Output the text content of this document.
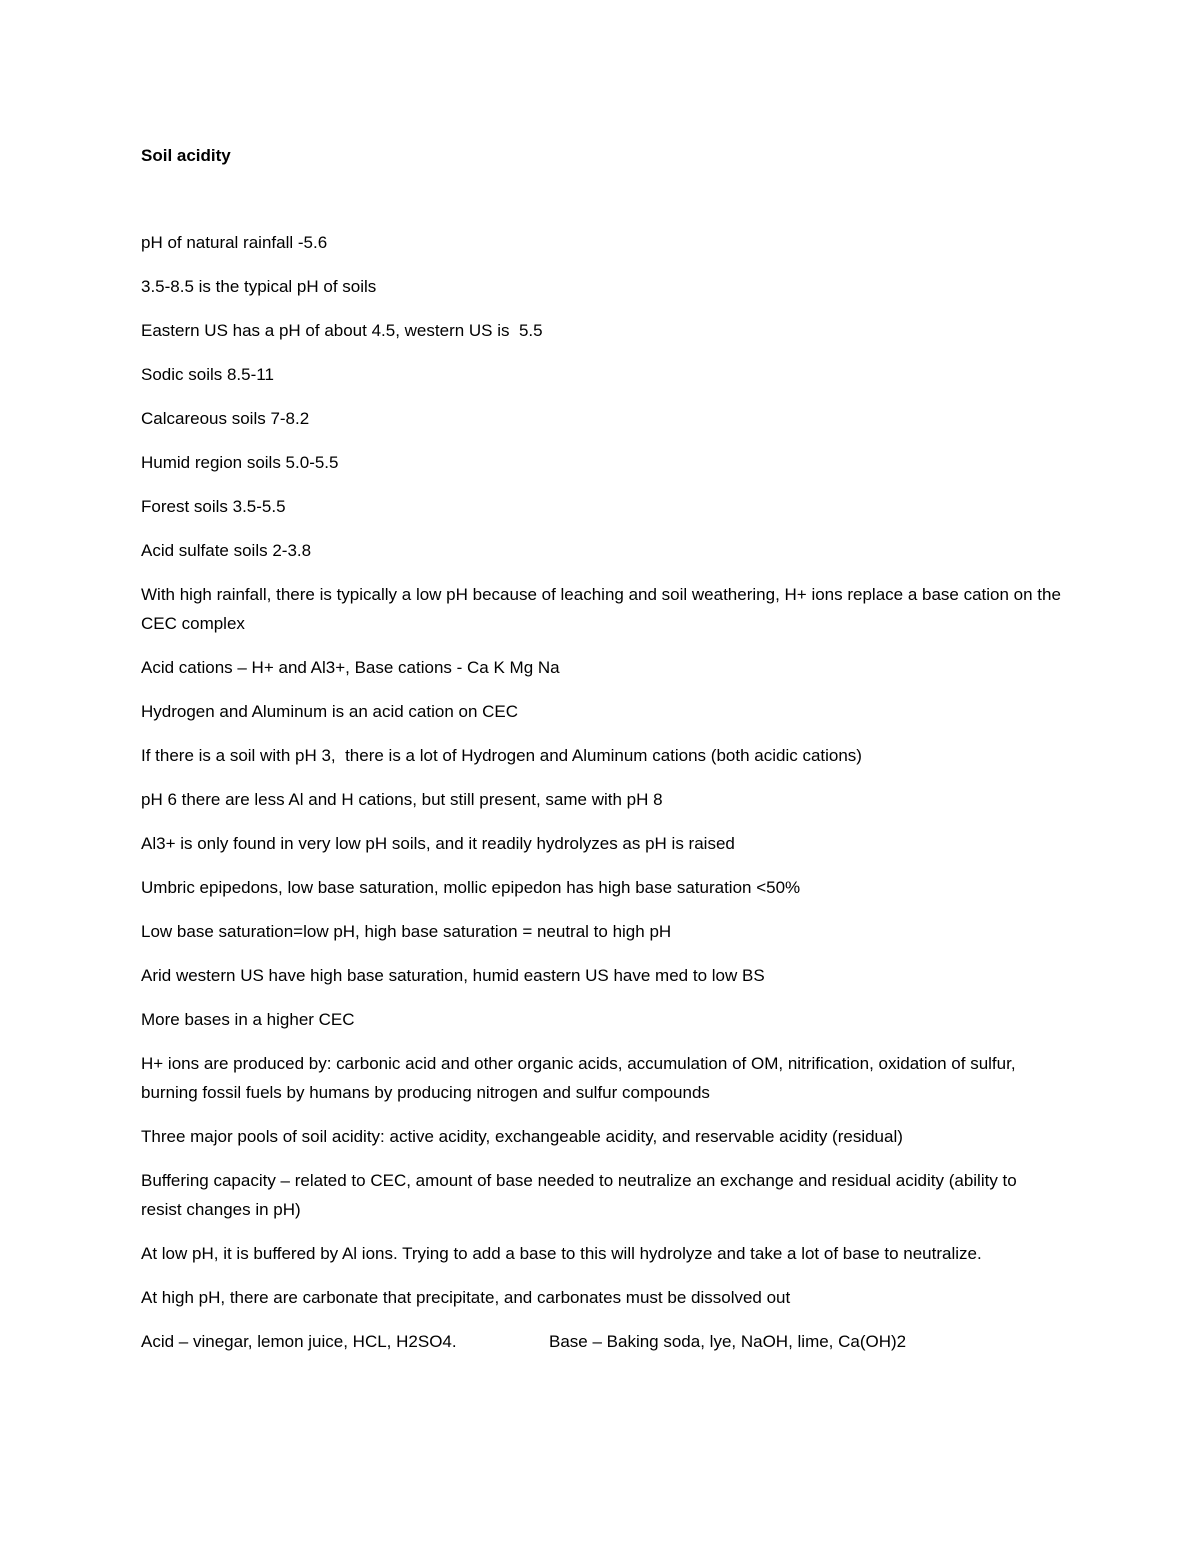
Soil acidity
pH of natural rainfall -5.6
3.5-8.5 is the typical pH of soils
Eastern US has a pH of about 4.5, western US is  5.5
Sodic soils 8.5-11
Calcareous soils 7-8.2
Humid region soils 5.0-5.5
Forest soils 3.5-5.5
Acid sulfate soils 2-3.8
With high rainfall, there is typically a low pH because of leaching and soil weathering, H+ ions replace a base cation on the CEC complex
Acid cations – H+ and Al3+, Base cations - Ca K Mg Na
Hydrogen and Aluminum is an acid cation on CEC
If there is a soil with pH 3,  there is a lot of Hydrogen and Aluminum cations (both acidic cations)
pH 6 there are less Al and H cations, but still present, same with pH 8
Al3+ is only found in very low pH soils, and it readily hydrolyzes as pH is raised
Umbric epipedons, low base saturation, mollic epipedon has high base saturation <50%
Low base saturation=low pH, high base saturation = neutral to high pH
Arid western US have high base saturation, humid eastern US have med to low BS
More bases in a higher CEC
H+ ions are produced by: carbonic acid and other organic acids, accumulation of OM, nitrification, oxidation of sulfur, burning fossil fuels by humans by producing nitrogen and sulfur compounds
Three major pools of soil acidity: active acidity, exchangeable acidity, and reservable acidity (residual)
Buffering capacity – related to CEC, amount of base needed to neutralize an exchange and residual acidity (ability to resist changes in pH)
At low pH, it is buffered by Al ions. Trying to add a base to this will hydrolyze and take a lot of base to neutralize.
At high pH, there are carbonate that precipitate, and carbonates must be dissolved out
Acid – vinegar, lemon juice, HCL, H2SO4.	Base – Baking soda, lye, NaOH, lime, Ca(OH)2
